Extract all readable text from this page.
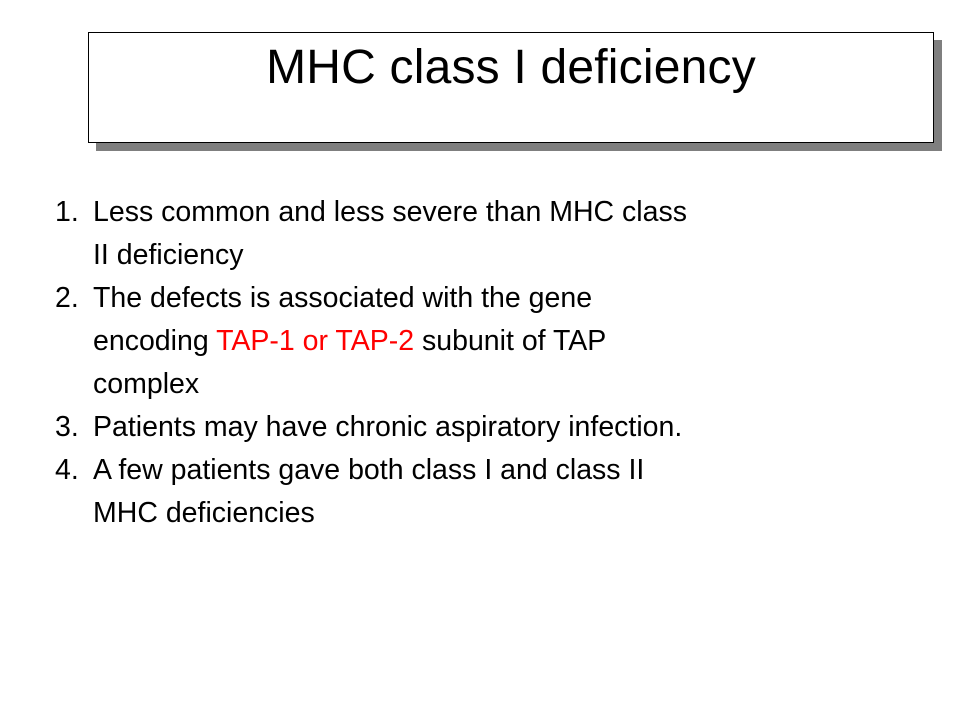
MHC class I deficiency
1. Less common and less severe than MHC class
II deficiency
2. The defects is associated with the gene
encoding TAP-1 or TAP-2 subunit of TAP
complex
3. Patients may have chronic aspiratory infection.
4. A few patients gave both class I and class II
MHC deficiencies
